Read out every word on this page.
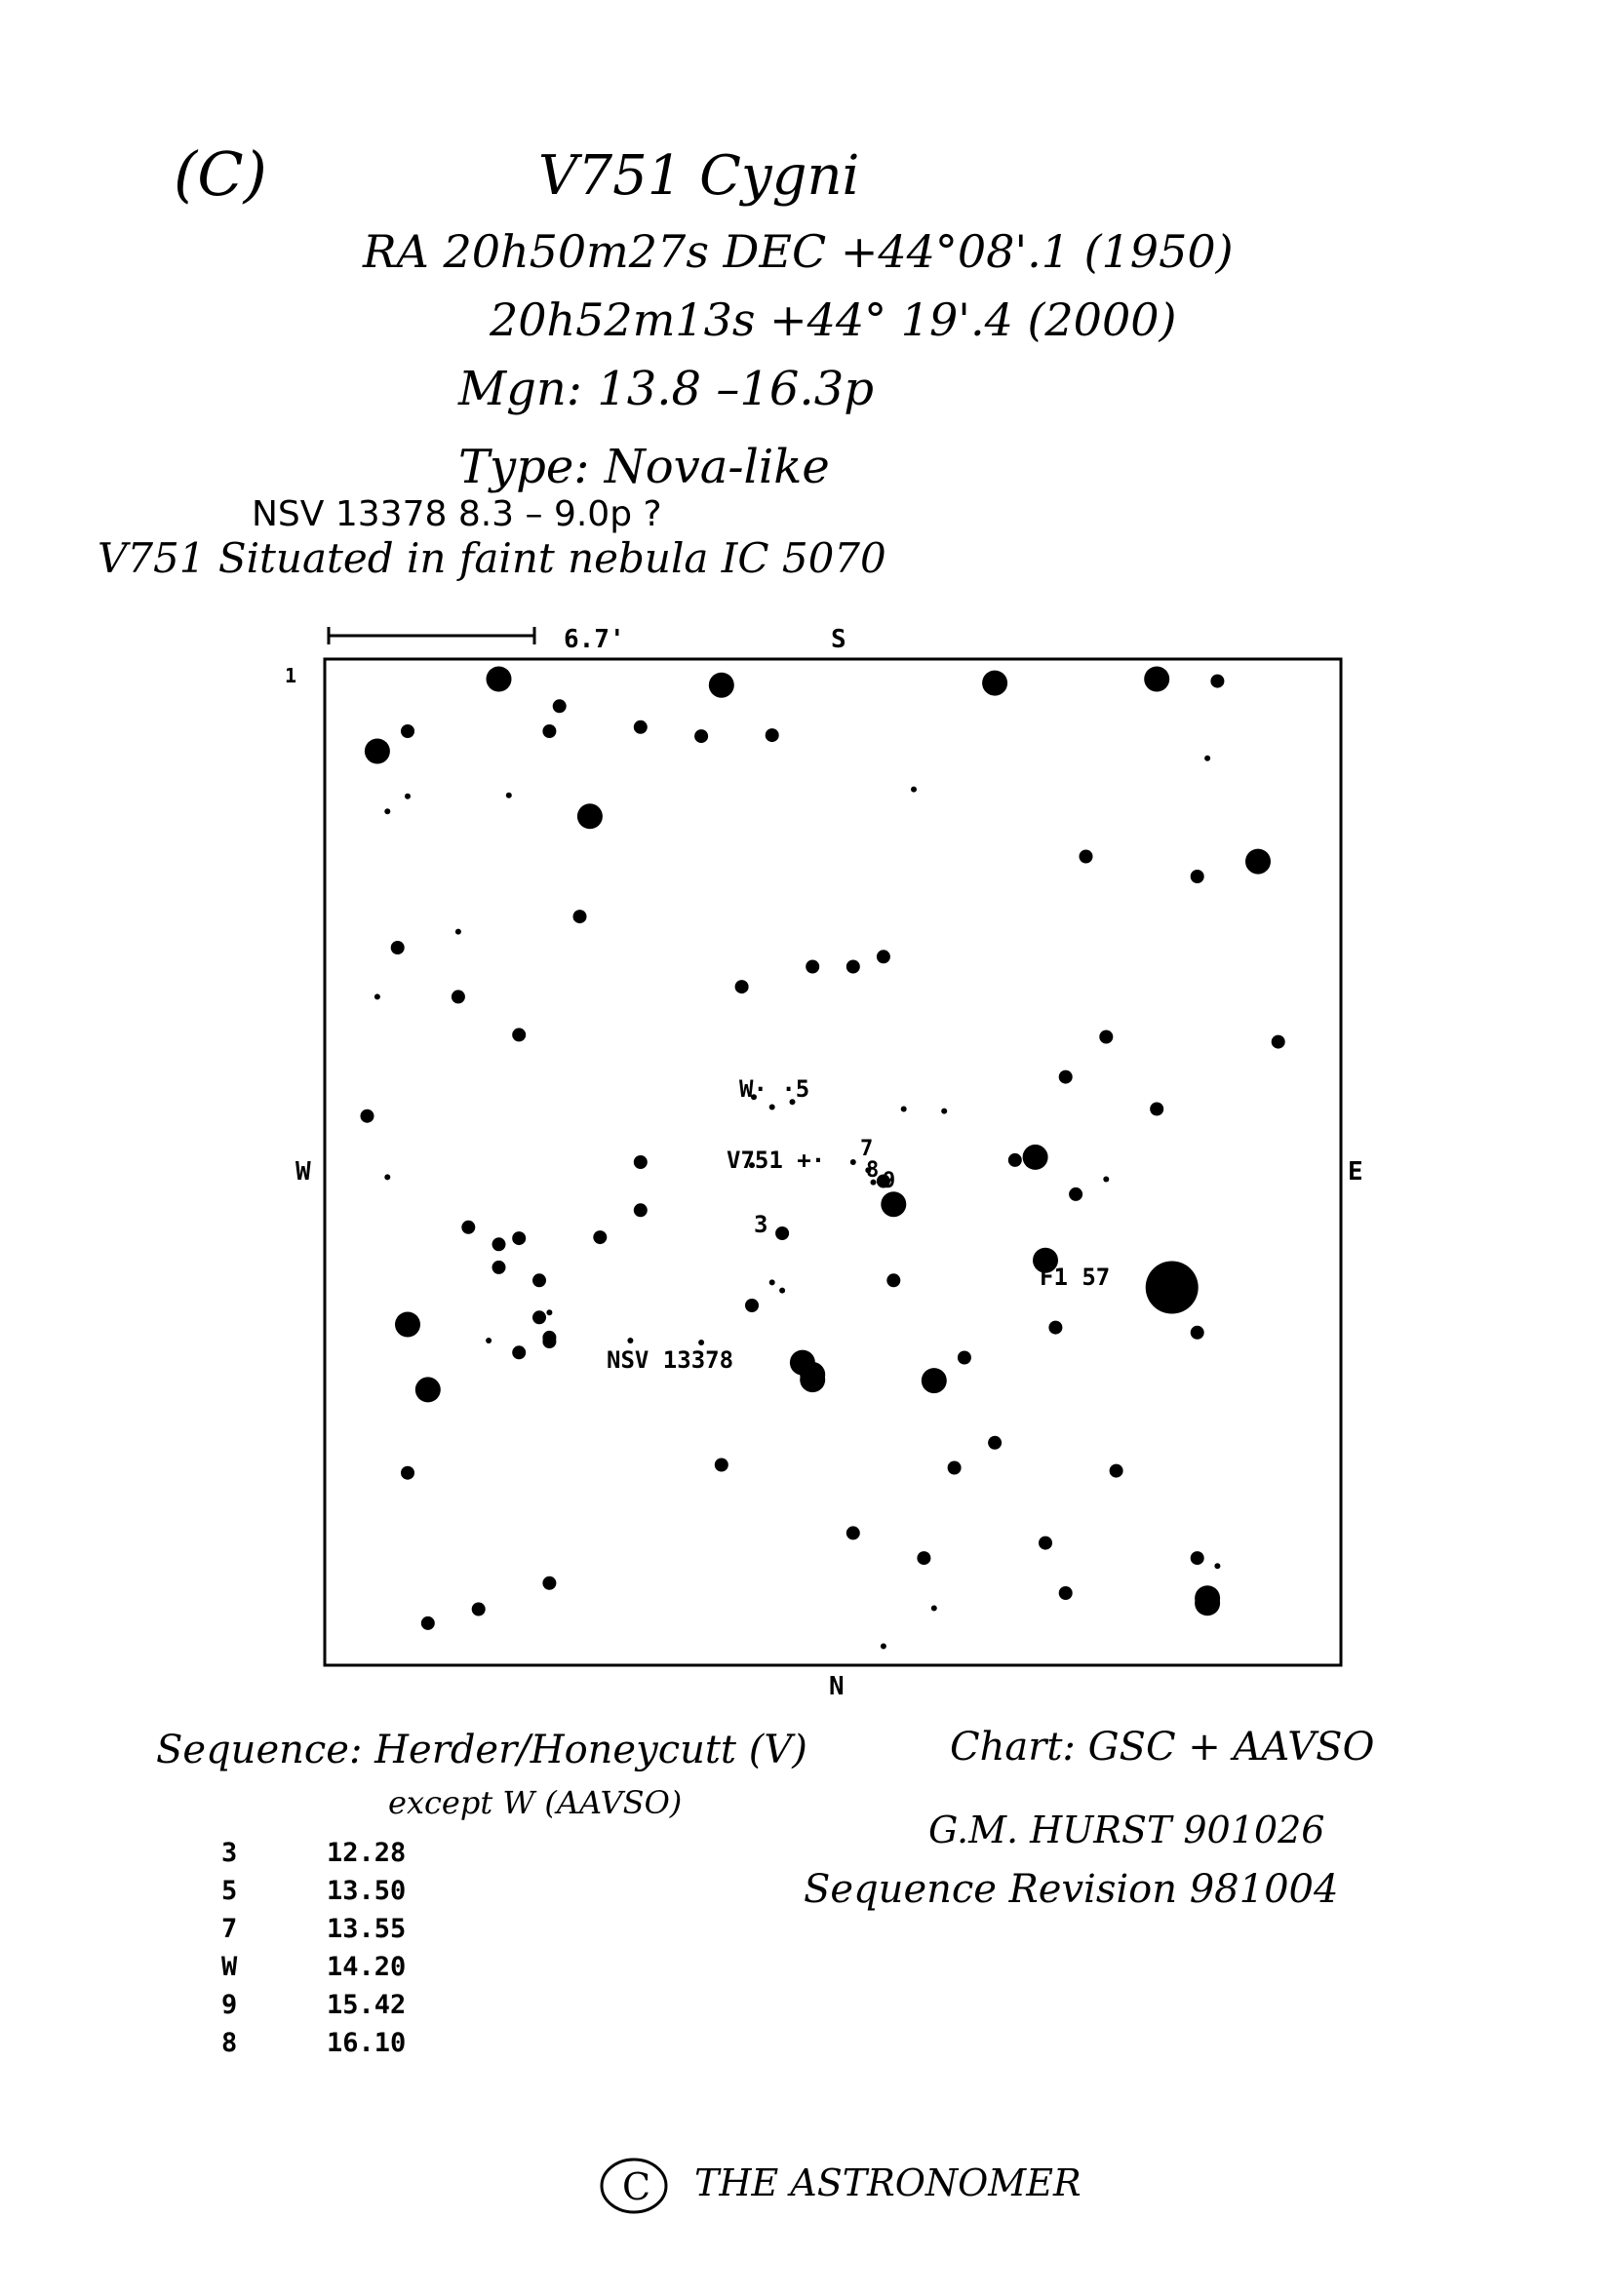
(C)	V751 Cygni
RA 20h50m27s DEC +44°08'.1 (1950)
20h52m13s +44° 19'.4 (2000)
Mgn: 13.8 –16.3p
Type: Nova-like
NSV 13378 8.3 – 9.0p ?
V751 Situated in faint nebula IC 5070
6.7'	S
N
W	E
1
W· ·5
V751 +· 7
8 9
3
F1 57
NSV 13378
Sequence: Herder/Honeycutt (V)
except W (AAVSO)
Chart: GSC + AAVSO
G.M. HURST 901026
Sequence Revision 981004
3	12.28
5	13.50
7	13.55
W	14.20
9	15.42
8	16.10
C THE ASTRONOMER
